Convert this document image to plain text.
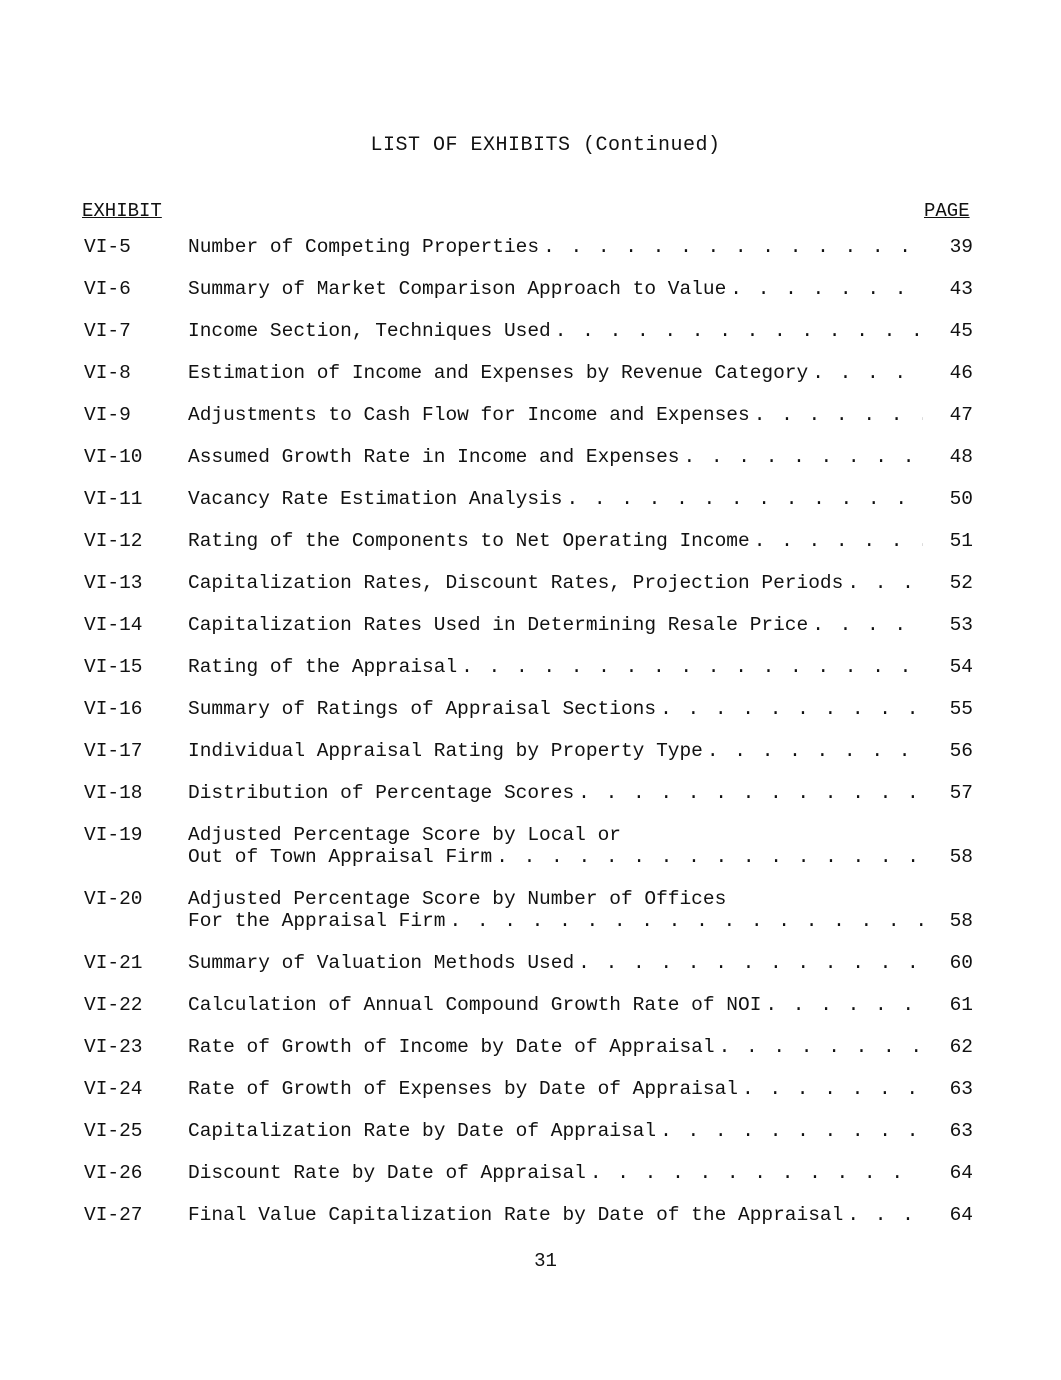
LIST OF EXHIBITS (Continued)
EXHIBIT	PAGE
VI-5	Number of Competing Properties . . .	39
VI-6	Summary of Market Comparison Approach to Value . . .	43
VI-7	Income Section, Techniques Used . . .	45
VI-8	Estimation of Income and Expenses by Revenue Category . . .	46
VI-9	Adjustments to Cash Flow for Income and Expenses . . .	47
VI-10	Assumed Growth Rate in Income and Expenses . . .	48
VI-11	Vacancy Rate Estimation Analysis . . .	50
VI-12	Rating of the Components to Net Operating Income . . .	51
VI-13	Capitalization Rates, Discount Rates, Projection Periods . . .	52
VI-14	Capitalization Rates Used in Determining Resale Price . . .	53
VI-15	Rating of the Appraisal . . .	54
VI-16	Summary of Ratings of Appraisal Sections . . .	55
VI-17	Individual Appraisal Rating by Property Type . . .	56
VI-18	Distribution of Percentage Scores . . .	57
VI-19	Adjusted Percentage Score by Local or
Out of Town Appraisal Firm . . .	58
VI-20	Adjusted Percentage Score by Number of Offices
For the Appraisal Firm . . .	58
VI-21	Summary of Valuation Methods Used . . .	60
VI-22	Calculation of Annual Compound Growth Rate of NOI . . .	61
VI-23	Rate of Growth of Income by Date of Appraisal . . .	62
VI-24	Rate of Growth of Expenses by Date of Appraisal . . .	63
VI-25	Capitalization Rate by Date of Appraisal . . .	63
VI-26	Discount Rate by Date of Appraisal . . .	64
VI-27	Final Value Capitalization Rate by Date of the Appraisal . . .	64
31
